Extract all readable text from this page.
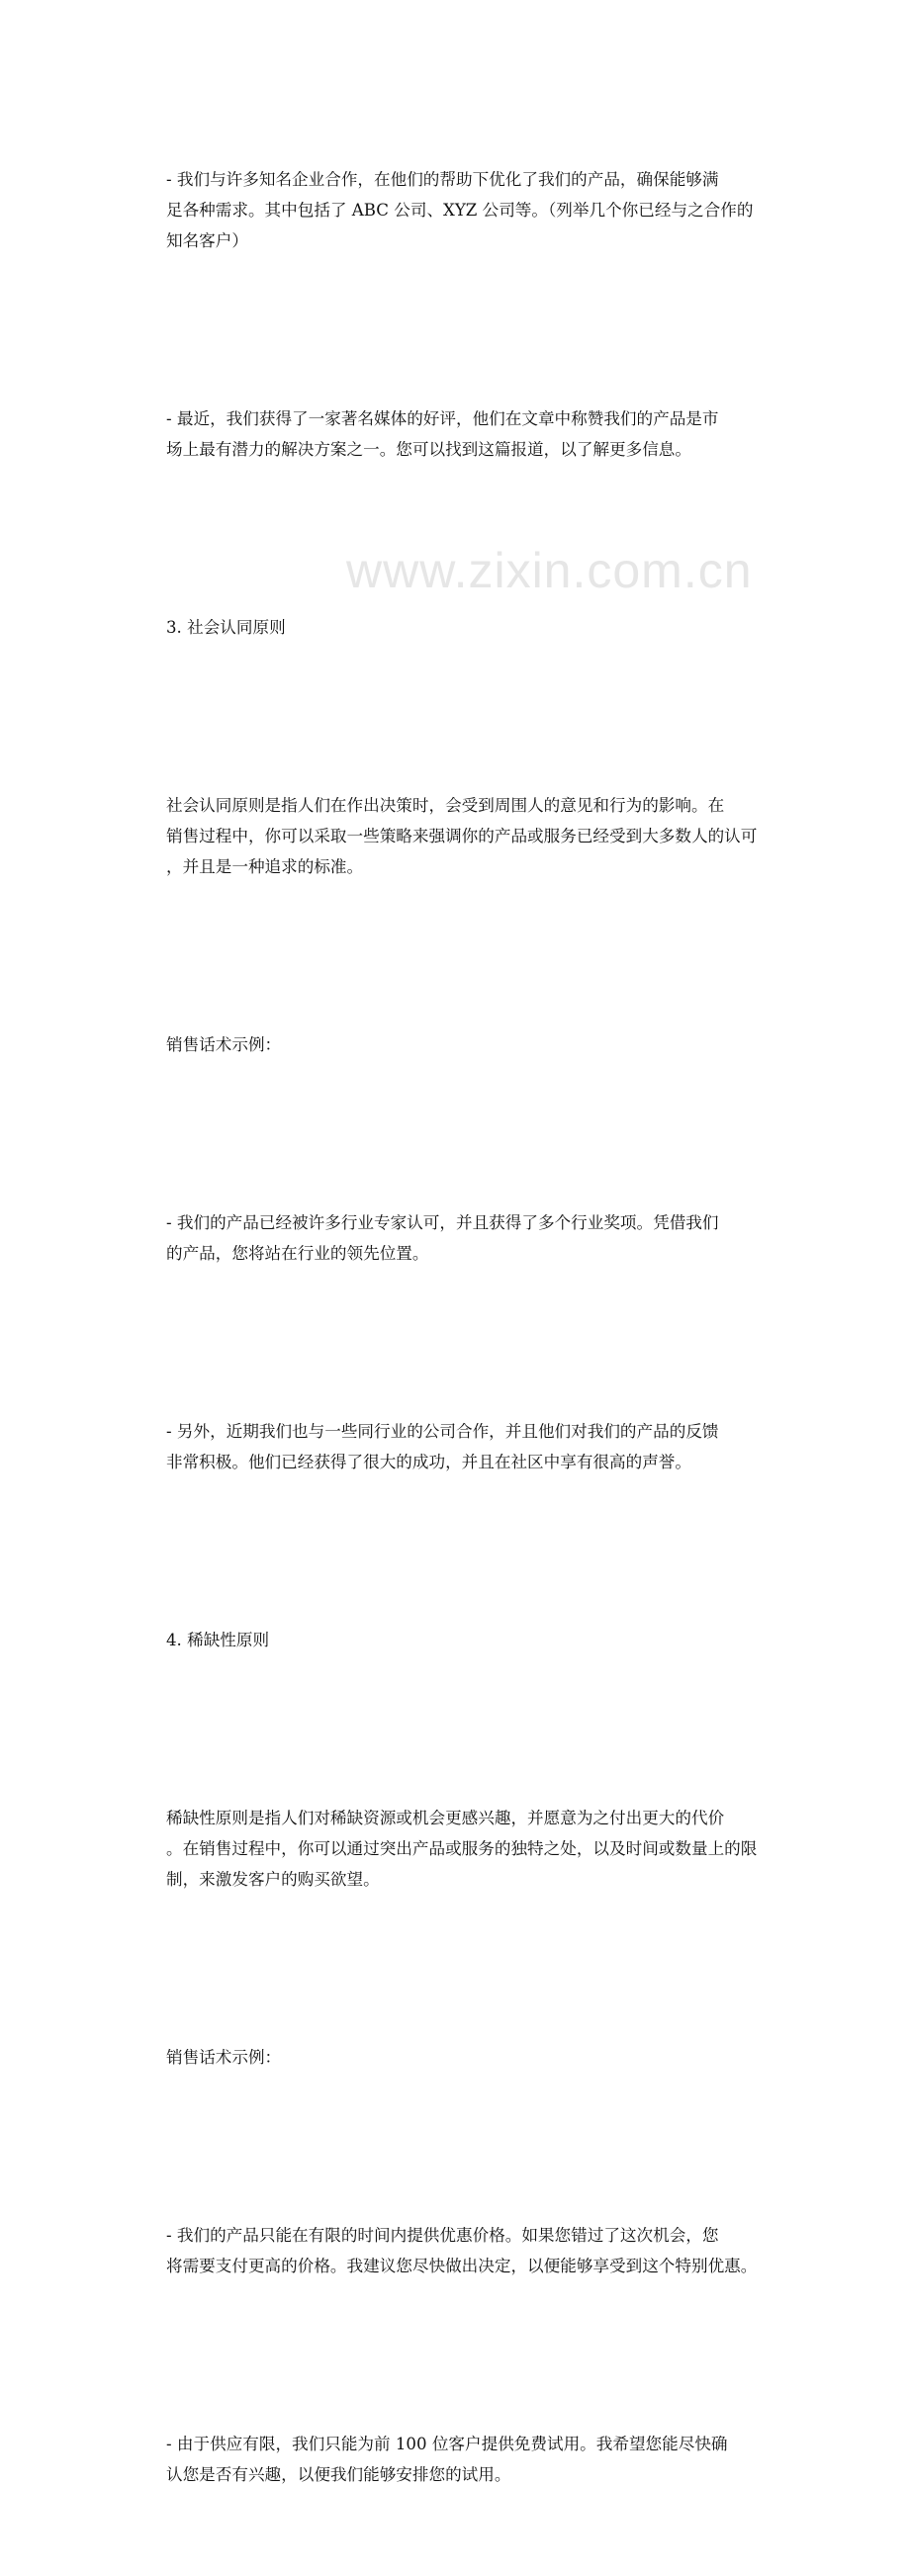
www.zixin.com.cn

- 我们与许多知名企业合作，在他们的帮助下优化了我们的产品，确保能够满
足各种需求。其中包括了 ABC 公司、XYZ 公司等。（列举几个你已经与之合作的
知名客户）

- 最近，我们获得了一家著名媒体的好评，他们在文章中称赞我们的产品是市
场上最有潜力的解决方案之一。您可以找到这篇报道，以了解更多信息。

3. 社会认同原则

社会认同原则是指人们在作出决策时，会受到周围人的意见和行为的影响。在
销售过程中，你可以采取一些策略来强调你的产品或服务已经受到大多数人的认可
，并且是一种追求的标准。

销售话术示例：

- 我们的产品已经被许多行业专家认可，并且获得了多个行业奖项。凭借我们
的产品，您将站在行业的领先位置。

- 另外，近期我们也与一些同行业的公司合作，并且他们对我们的产品的反馈
非常积极。他们已经获得了很大的成功，并且在社区中享有很高的声誉。

4. 稀缺性原则

稀缺性原则是指人们对稀缺资源或机会更感兴趣，并愿意为之付出更大的代价
。在销售过程中，你可以通过突出产品或服务的独特之处，以及时间或数量上的限
制，来激发客户的购买欲望。

销售话术示例：

- 我们的产品只能在有限的时间内提供优惠价格。如果您错过了这次机会，您
将需要支付更高的价格。我建议您尽快做出决定，以便能够享受到这个特别优惠。

- 由于供应有限，我们只能为前 100 位客户提供免费试用。我希望您能尽快确
认您是否有兴趣，以便我们能够安排您的试用。
